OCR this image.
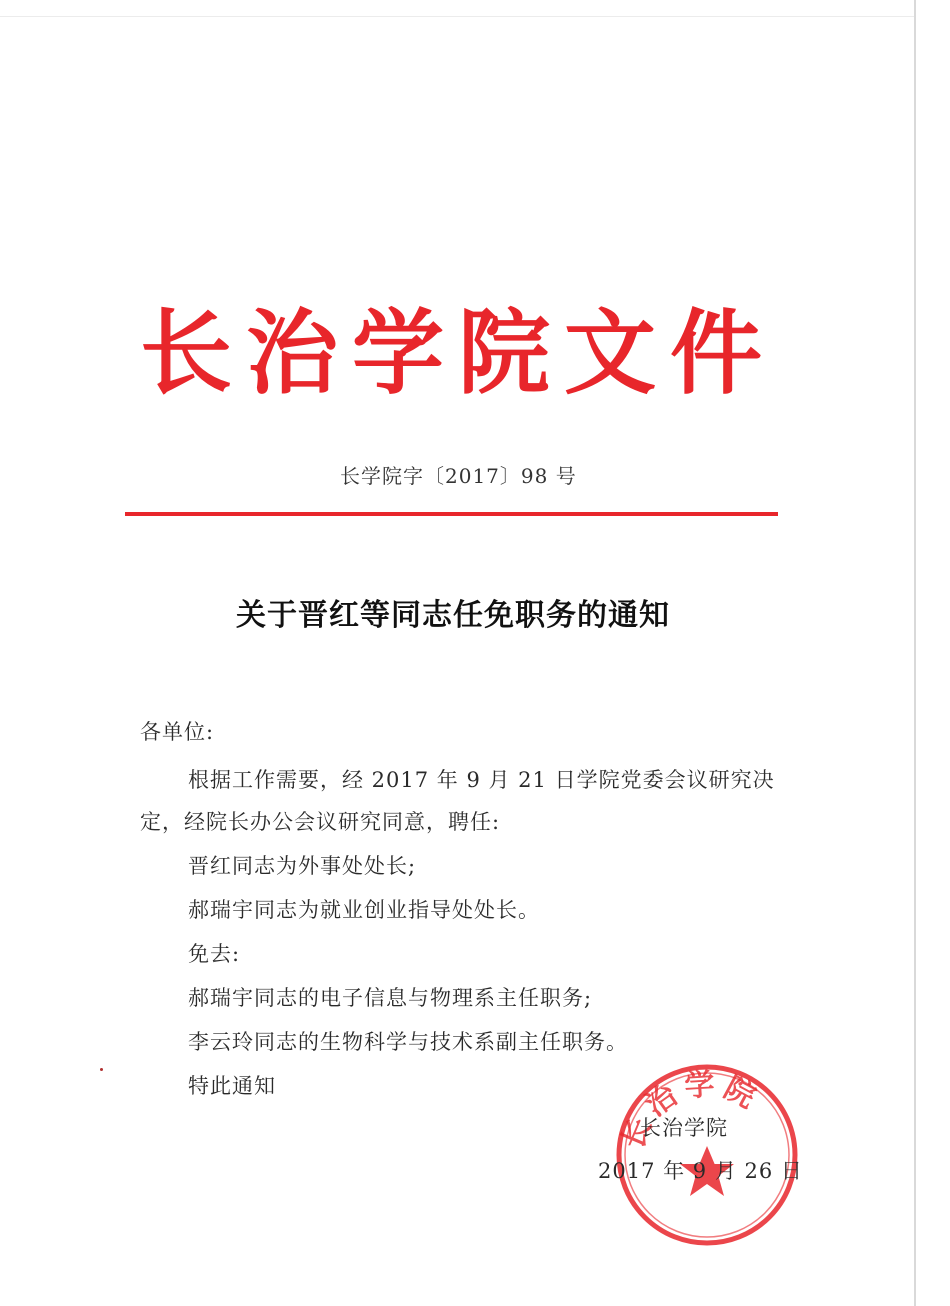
长治学院文件
长学院字〔2017〕98 号
关于晋红等同志任免职务的通知
各单位:
根据工作需要，经 2017 年 9 月 21 日学院党委会议研究决
定，经院长办公会议研究同意，聘任:
晋红同志为外事处处长;
郝瑞宇同志为就业创业指导处处长。
免去:
郝瑞宇同志的电子信息与物理系主任职务;
李云玲同志的生物科学与技术系副主任职务。
特此通知
长治学院
长治学院
2017 年 9 月 26 日
